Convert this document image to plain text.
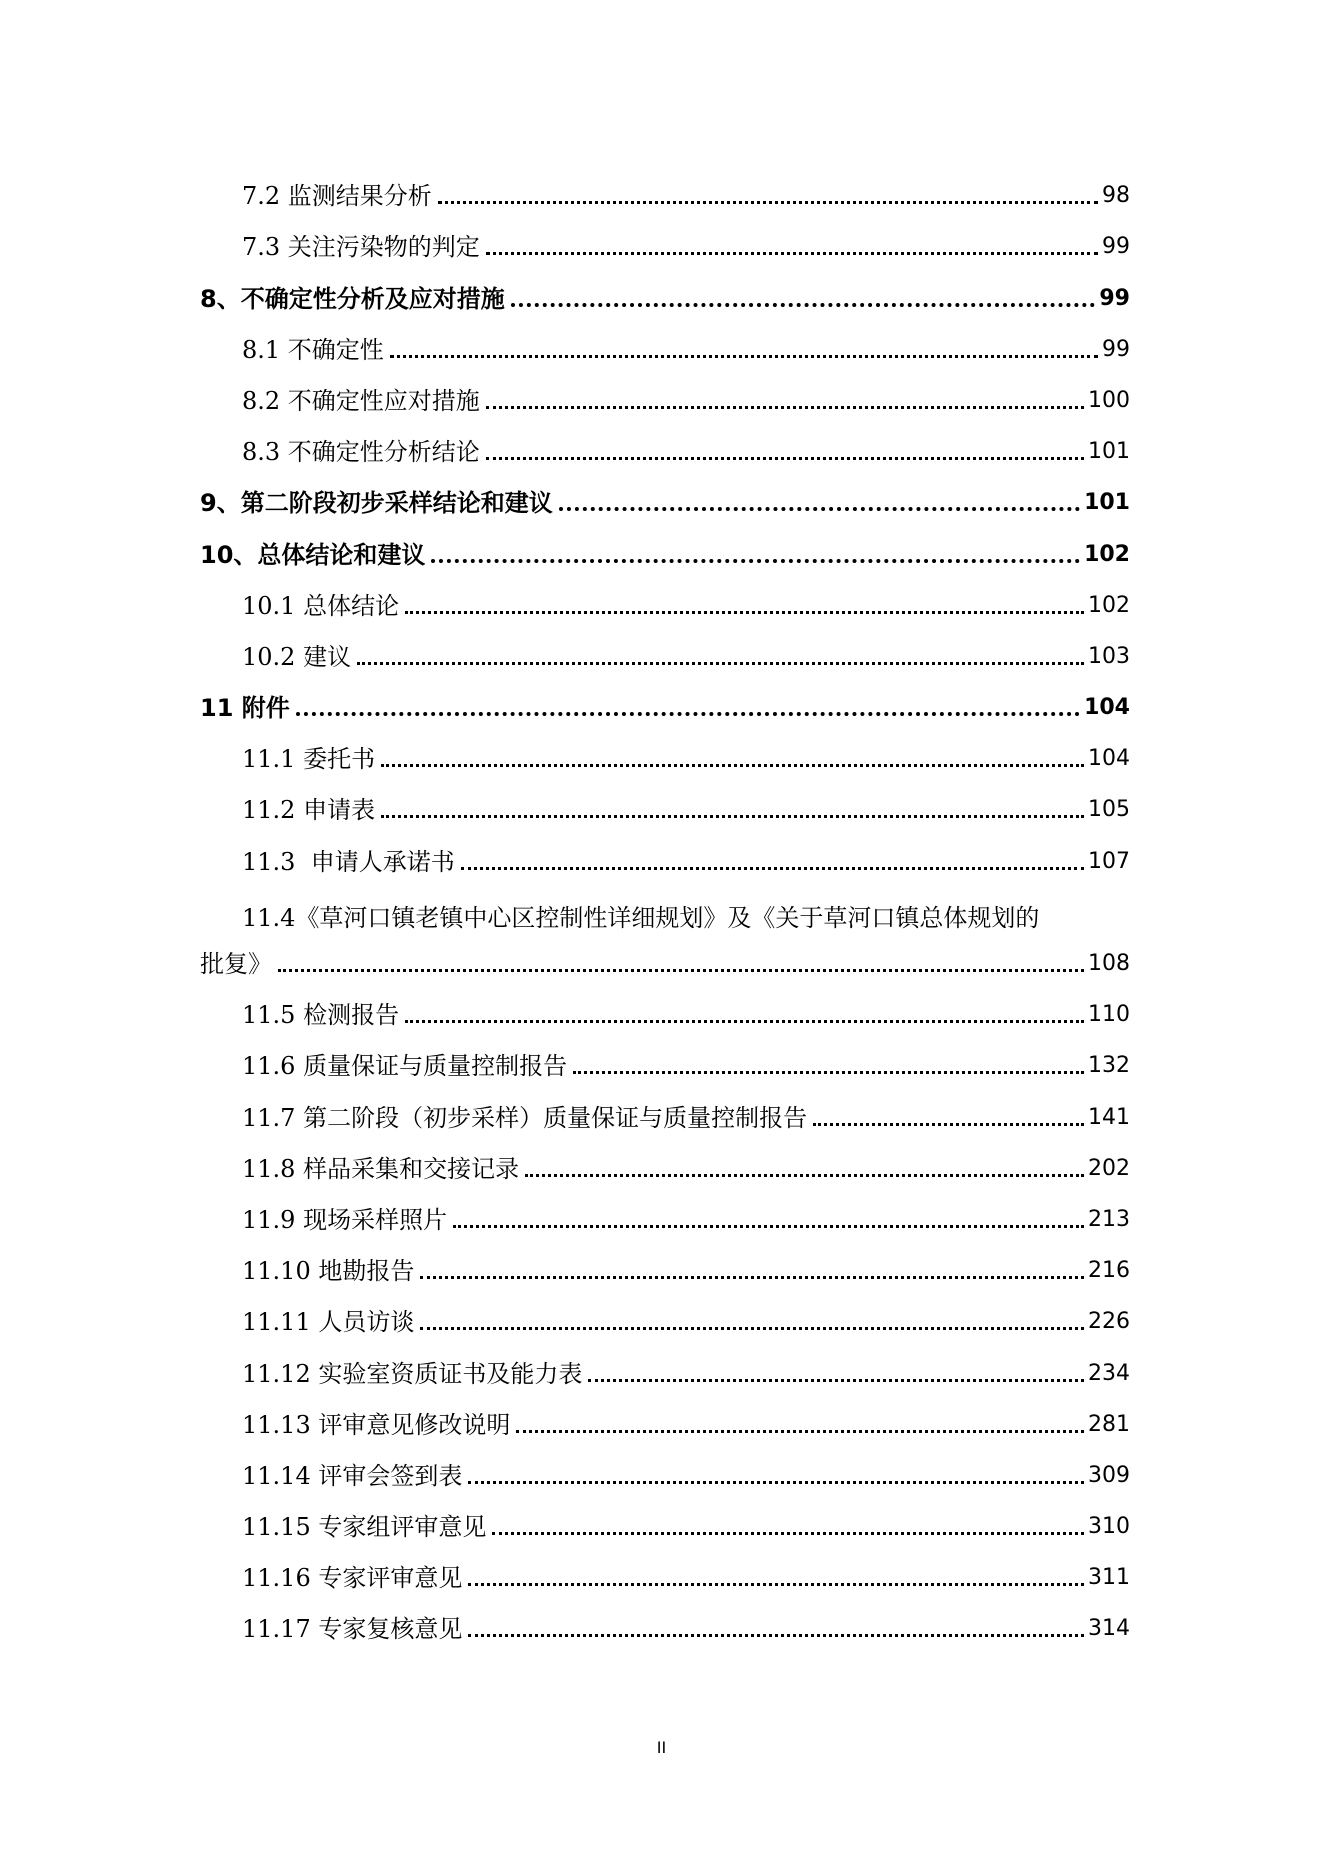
7.2 监测结果分析	98
7.3 关注污染物的判定	99
8、不确定性分析及应对措施	99
8.1 不确定性	99
8.2 不确定性应对措施	100
8.3 不确定性分析结论	101
9、第二阶段初步采样结论和建议	101
10、总体结论和建议	102
10.1 总体结论	102
10.2 建议	103
11 附件	104
11.1 委托书	104
11.2 申请表	105
11.3  申请人承诺书	107
11.4《草河口镇老镇中心区控制性详细规划》及《关于草河口镇总体规划的
批复》	108
11.5 检测报告	110
11.6 质量保证与质量控制报告	132
11.7 第二阶段（初步采样）质量保证与质量控制报告	141
11.8 样品采集和交接记录	202
11.9 现场采样照片	213
11.10 地勘报告	216
11.11 人员访谈	226
11.12 实验室资质证书及能力表	234
11.13 评审意见修改说明	281
11.14 评审会签到表	309
11.15 专家组评审意见	310
11.16 专家评审意见	311
11.17 专家复核意见	314
II
